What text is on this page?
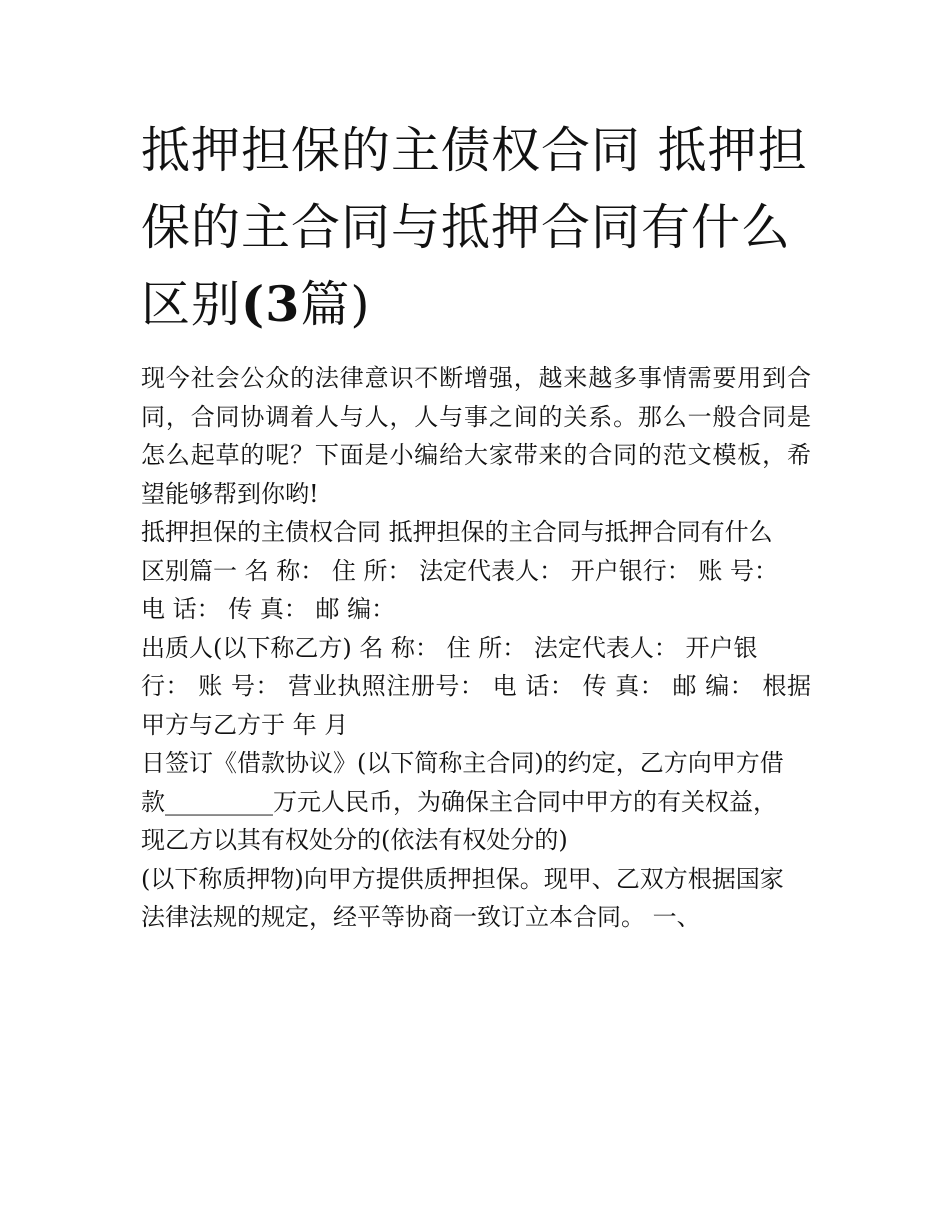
抵押担保的主债权合同 抵押担
保的主合同与抵押合同有什么
区别(3篇)
现今社会公众的法律意识不断增强，越来越多事情需要用到合
同，合同协调着人与人，人与事之间的关系。那么一般合同是
怎么起草的呢？下面是小编给大家带来的合同的范文模板，希
望能够帮到你哟!
抵押担保的主债权合同 抵押担保的主合同与抵押合同有什么
区别篇一 名 称： 住 所： 法定代表人： 开户银行： 账 号：
电 话： 传 真： 邮 编：
出质人(以下称乙方) 名 称： 住 所： 法定代表人： 开户银
行： 账 号： 营业执照注册号： 电 话： 传 真： 邮 编： 根据
甲方与乙方于 年 月
日签订《借款协议》(以下简称主合同)的约定，乙方向甲方借
款_________万元人民币，为确保主合同中甲方的有关权益，
现乙方以其有权处分的(依法有权处分的)
(以下称质押物)向甲方提供质押担保。现甲、乙双方根据国家
法律法规的规定，经平等协商一致订立本合同。 一、
